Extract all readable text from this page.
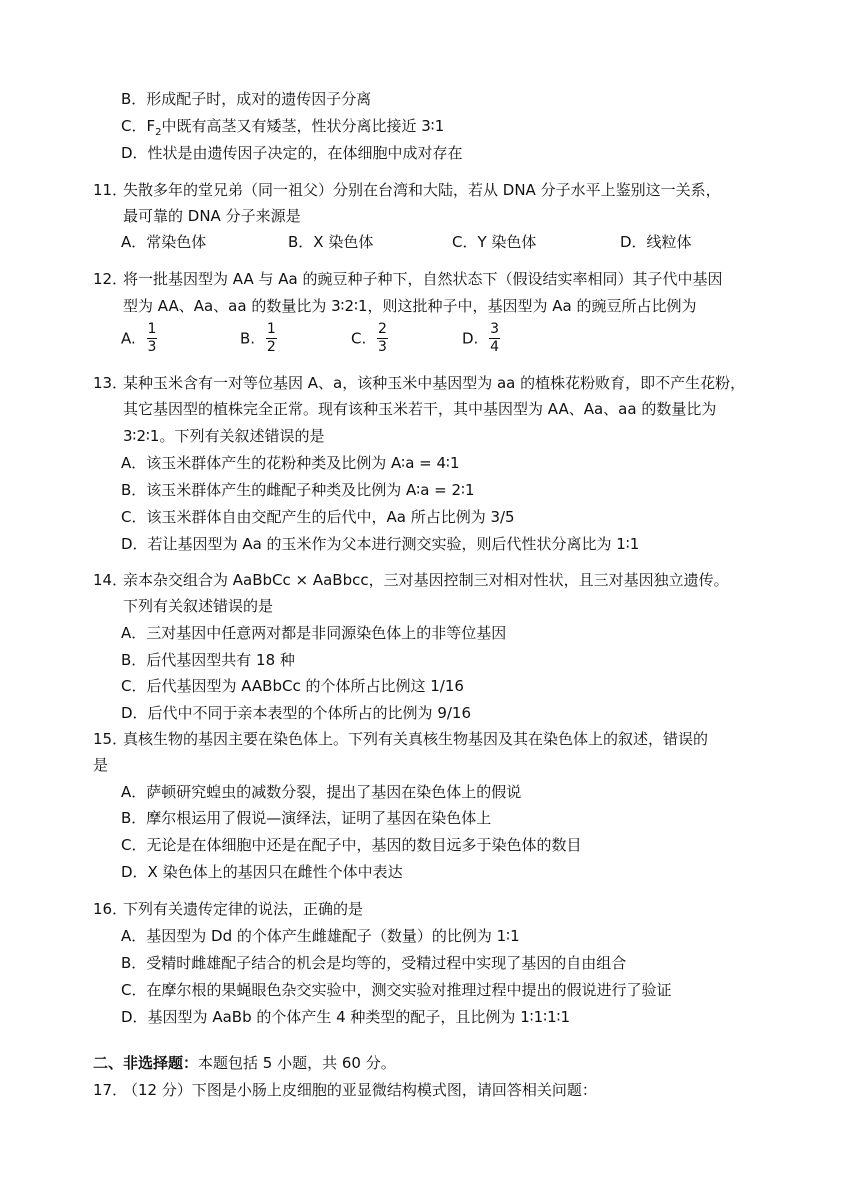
B．形成配子时，成对的遗传因子分离
C．$F_2$中既有高茎又有矮茎，性状分离比接近 3∶1
D．性状是由遗传因子决定的，在体细胞中成对存在
11．
失散多年的堂兄弟（同一祖父）分别在台湾和大陆，若从 DNA 分子水平上鉴别这一关系，
最可靠的 DNA 分子来源是
A．常染色体	B．X 染色体	C．Y 染色体	D．线粒体
12．
将一批基因型为 AA 与 Aa 的豌豆种子种下，自然状态下（假设结实率相同）其子代中基因
型为 AA、Aa、aa 的数量比为 3∶2∶1，则这批种子中，基因型为 Aa 的豌豆所占比例为
A. $\frac{1}{3}$	B. $\frac{1}{2}$	C. $\frac{2}{3}$	D. $\frac{3}{4}$
13．
某种玉米含有一对等位基因 A、a，该种玉米中基因型为 aa 的植株花粉败育，即不产生花粉，
其它基因型的植株完全正常。现有该种玉米若干，其中基因型为 AA、Aa、aa 的数量比为
3∶2∶1。下列有关叙述错误的是
A．该玉米群体产生的花粉种类及比例为 A∶a = 4∶1
B．该玉米群体产生的雌配子种类及比例为 A∶a = 2∶1
C．该玉米群体自由交配产生的后代中，Aa 所占比例为 3/5
D．若让基因型为 Aa 的玉米作为父本进行测交实验，则后代性状分离比为 1∶1
14．
亲本杂交组合为 AaBbCc × AaBbcc，三对基因控制三对相对性状，且三对基因独立遗传。
下列有关叙述错误的是
A．三对基因中任意两对都是非同源染色体上的非等位基因
B．后代基因型共有 18 种
C．后代基因型为 AABbCc 的个体所占比例这 1/16
D．后代中不同于亲本表型的个体所占的比例为 9/16
15．
真核生物的基因主要在染色体上。下列有关真核生物基因及其在染色体上的叙述，错误的
是
A．萨顿研究蝗虫的减数分裂，提出了基因在染色体上的假说
B．摩尔根运用了假说—演绎法，证明了基因在染色体上
C．无论是在体细胞中还是在配子中，基因的数目远多于染色体的数目
D．X 染色体上的基因只在雌性个体中表达
16．
下列有关遗传定律的说法，正确的是
A．基因型为 Dd 的个体产生雌雄配子（数量）的比例为 1∶1
B．受精时雌雄配子结合的机会是均等的，受精过程中实现了基因的自由组合
C．在摩尔根的果蝇眼色杂交实验中，测交实验对推理过程中提出的假说进行了验证
D．基因型为 AaBb 的个体产生 4 种类型的配子，且比例为 1∶1∶1∶1
二、非选择题：本题包括 5 小题，共 60 分。
17．
（12 分）下图是小肠上皮细胞的亚显微结构模式图，请回答相关问题：
